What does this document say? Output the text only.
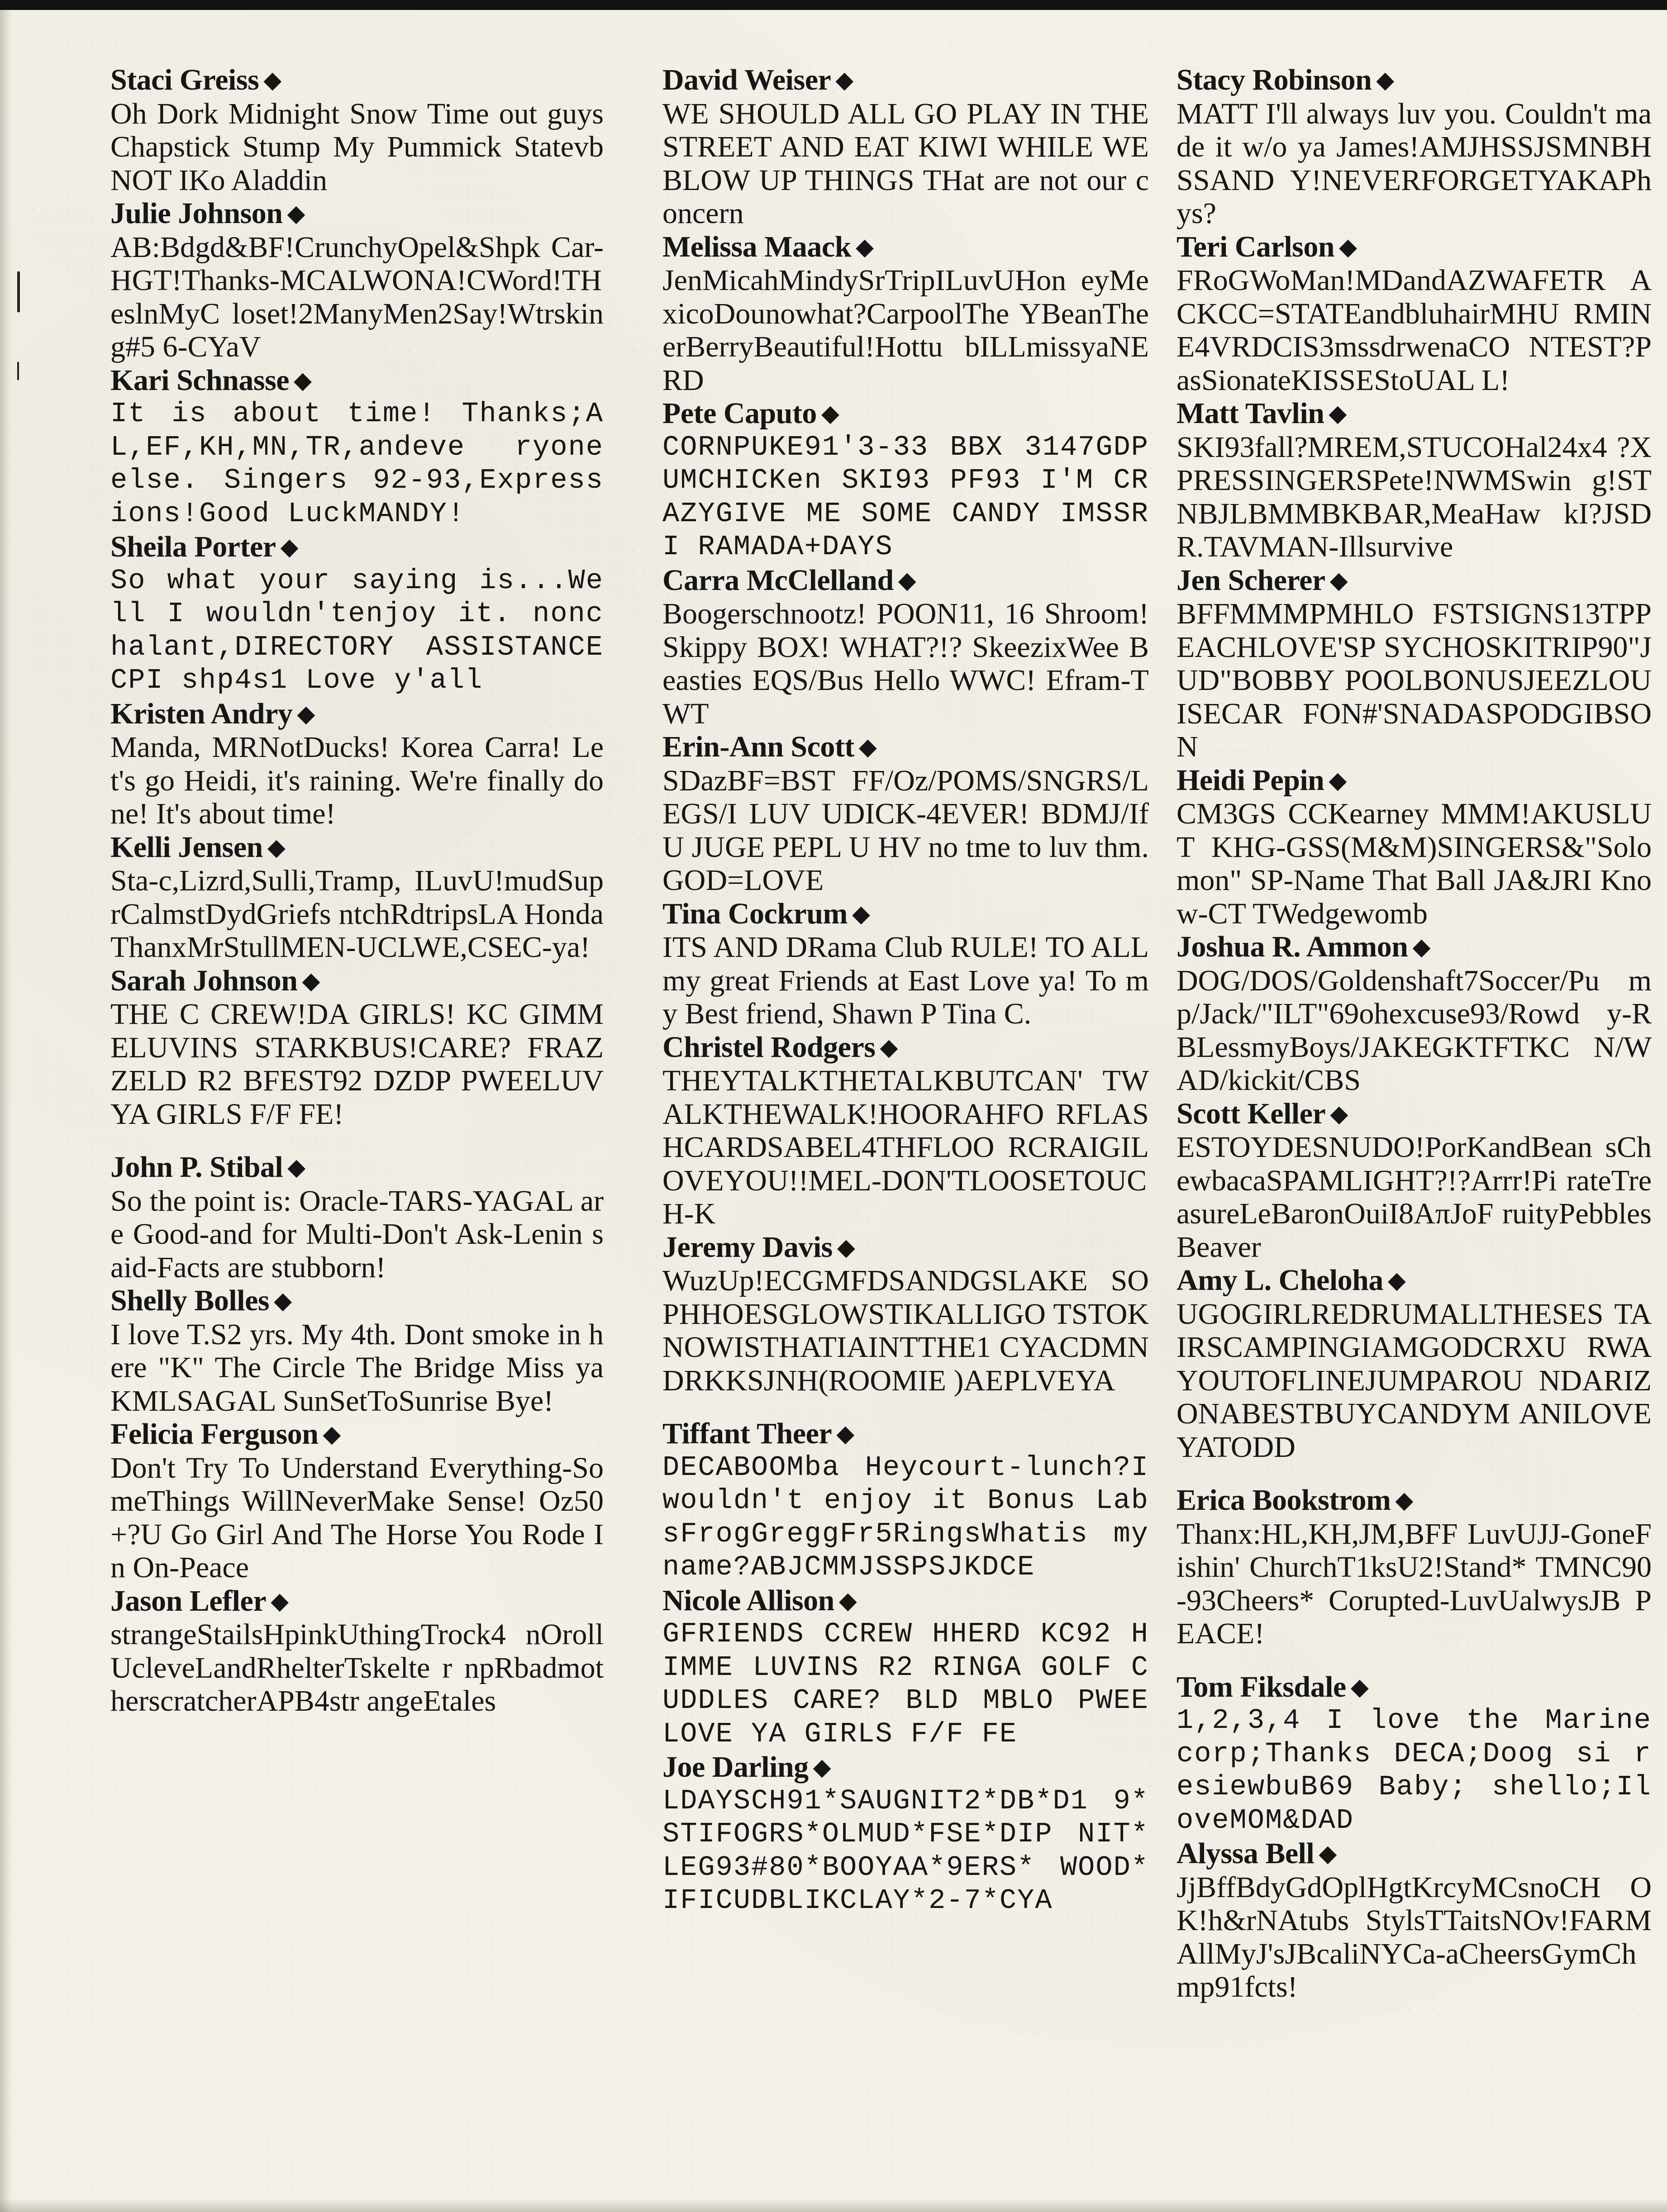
Staci Greiss ◆
Oh Dork Midnight Snow Time out guys Chapstick Stump My Pummick StatevbNOT IKo Aladdin
Julie Johnson ◆
AB:Bdgd&BF!CrunchyOpel&Shpk Car-HGT!Thanks-MCALWONA!CWord!THeslnMyC loset!2ManyMen2Say!Wtrsking#5 6-CYaV
Kari Schnasse ◆
It is about time! Thanks;AL,EF,KH,MN,TR,andeve ryone else. Singers 92-93,Expressions!Good LuckMANDY!
Sheila Porter ◆
So what your saying is...Well I wouldn'tenjoy it. nonchalant,DIRECTORY ASSISTANCECPI shp4s1 Love y'all
Kristen Andry ◆
Manda, MRNotDucks! Korea Carra! Let's go Heidi, it's raining. We're finally done! It's about time!
Kelli Jensen ◆
Sta-c,Lizrd,Sulli,Tramp, ILuvU!mudSuprCalmstDydGriefs ntchRdtripsLA HondaThanxMrStullMEN-UCLWE,CSEC-ya!
Sarah Johnson ◆
THE C CREW!DA GIRLS! KC GIMMELUVINS STARKBUS!CARE? FRAZZELD R2 BFEST92 DZDP PWEELUV YA GIRLS F/F FE!
John P. Stibal ◆
So the point is: Oracle-TARS-YAGAL are Good-and for Multi-Don't Ask-Lenin said-Facts are stubborn!
Shelly Bolles ◆
I love T.S2 yrs. My 4th. Dont smoke in here "K" The Circle The Bridge Miss ya KMLSAGAL SunSetToSunrise Bye!
Felicia Ferguson ◆
Don't Try To Understand Everything-SomeThings WillNeverMake Sense! Oz50+?U Go Girl And The Horse You Rode In On-Peace
Jason Lefler ◆
strangeStailsHpinkUthingTrock4 nOrollUcleveLandRhelterTskelte r npRbadmotherscratcherAPB4str angeEtales
David Weiser ◆
WE SHOULD ALL GO PLAY IN THE STREET AND EAT KIWI WHILE WE BLOW UP THINGS THat are not our concern
Melissa Maack ◆
JenMicahMindySrTripILuvUHon eyMexicoDounowhat?CarpoolThe YBeanTheerBerryBeautiful!Hottu bILLmissyaNERD
Pete Caputo ◆
CORNPUKE91'3-33 BBX 3147GDP UMCHICKen SKI93 PF93 I'M CRAZYGIVE ME SOME CANDY IMSSRI RAMADA+DAYS
Carra McClelland ◆
Boogerschnootz! POON11, 16 Shroom! Skippy BOX! WHAT?!? SkeezixWee Beasties EQS/Bus Hello WWC! Efram-TWT
Erin-Ann Scott ◆
SDazBF=BST FF/Oz/POMS/SNGRS/LEGS/I LUV UDICK-4EVER! BDMJ/If U JUGE PEPL U HV no tme to luv thm. GOD=LOVE
Tina Cockrum ◆
ITS AND DRama Club RULE! TO ALL my great Friends at East Love ya! To my Best friend, Shawn P Tina C.
Christel Rodgers ◆
THEYTALKTHETALKBUTCAN' TWALKTHEWALK!HOORAHFO RFLASHCARDSABEL4THFLOO RCRAIGILOVEYOU!!MEL-DON'TLOOSETOUCH-K
Jeremy Davis ◆
WuzUp!ECGMFDSANDGSLAKE SOPHHOESGLOWSTIKALLIGO TSTOKNOWISTHATIAINTTHE1 CYACDMNDRKKSJNH(ROOMIE )AEPLVEYA
Tiffant Theer ◆
DECABOOMba Heycourt-lunch?I wouldn't enjoy it Bonus LabsFrogGreggFr5RingsWhatis myname?ABJCMMJSSPSJKDCE
Nicole Allison ◆
GFRIENDS CCREW HHERD KC92 HIMME LUVINS R2 RINGA GOLF CUDDLES CARE? BLD MBLO PWEE LOVE YA GIRLS F/F FE
Joe Darling ◆
LDAYSCH91*SAUGNIT2*DB*D1 9*STIFOGRS*OLMUD*FSE*DIP NIT*LEG93#80*BOOYAA*9ERS* WOOD*IFICUDBLIKCLAY*2-7*CYA
Stacy Robinson ◆
MATT I'll always luv you. Couldn't made it w/o ya James!AMJHSSJSMNBHSSAND Y!NEVERFORGETYAKAPhys?
Teri Carlson ◆
FRoGWoMan!MDandAZWAFETR ACKCC=STATEandbluhairMHU RMINE4VRDCIS3mssdrwenaCO NTEST?PasSionateKISSEStoUAL L!
Matt Tavlin ◆
SKI93fall?MREM,STUCOHal24x4 ?XPRESSINGERSPete!NWMSwin g!STNBJLBMMBKBAR,MeaHaw kI?JSDR.TAVMAN-Illsurvive
Jen Scherer ◆
BFFMMMPMHLO FSTSIGNS13TPPEACHLOVE'SP SYCHOSKITRIP90"JUD"BOBBY POOLBONUSJEEZLOUISECAR FON#'SNADASPODGIBSON
Heidi Pepin ◆
CM3GS CCKearney MMM!AKUSLUT KHG-GSS(M&M)SINGERS&"Solomon" SP-Name That Ball JA&JRI Know-CT TWedgewomb
Joshua R. Ammon ◆
DOG/DOS/Goldenshaft7Soccer/Pu mp/Jack/"ILT"69ohexcuse93/Rowd y-RBLessmyBoys/JAKEGKTFTKC N/WAD/kickit/CBS
Scott Keller ◆
ESTOYDESNUDO!PorKandBean sChewbacaSPAMLIGHT?!?Arrr!Pi rateTreasureLeBaronOuiI8AπJoF ruityPebblesBeaver
Amy L. Cheloha ◆
UGOGIRLREDRUMALLTHESES TAIRSCAMPINGIAMGODCRXU RWAYOUTOFLINEJUMPAROU NDARIZONABESTBUYCANDYM ANILOVEYATODD
Erica Bookstrom ◆
Thanx:HL,KH,JM,BFF LuvUJJ-GoneFishin' ChurchT1ksU2!Stand* TMNC90-93Cheers* Corupted-LuvUalwysJB PEACE!
Tom Fiksdale ◆
1,2,3,4 I love the Marine corp;Thanks DECA;Doog si resiewbuB69 Baby; shello;IloveMOM&DAD
Alyssa Bell ◆
JjBffBdyGdOplHgtKrcyMCsnoCH OK!h&rNAtubs StylsTTaitsNOv!FARM AllMyJ'sJBcaliNYCa-aCheersGymChmp91fcts!
